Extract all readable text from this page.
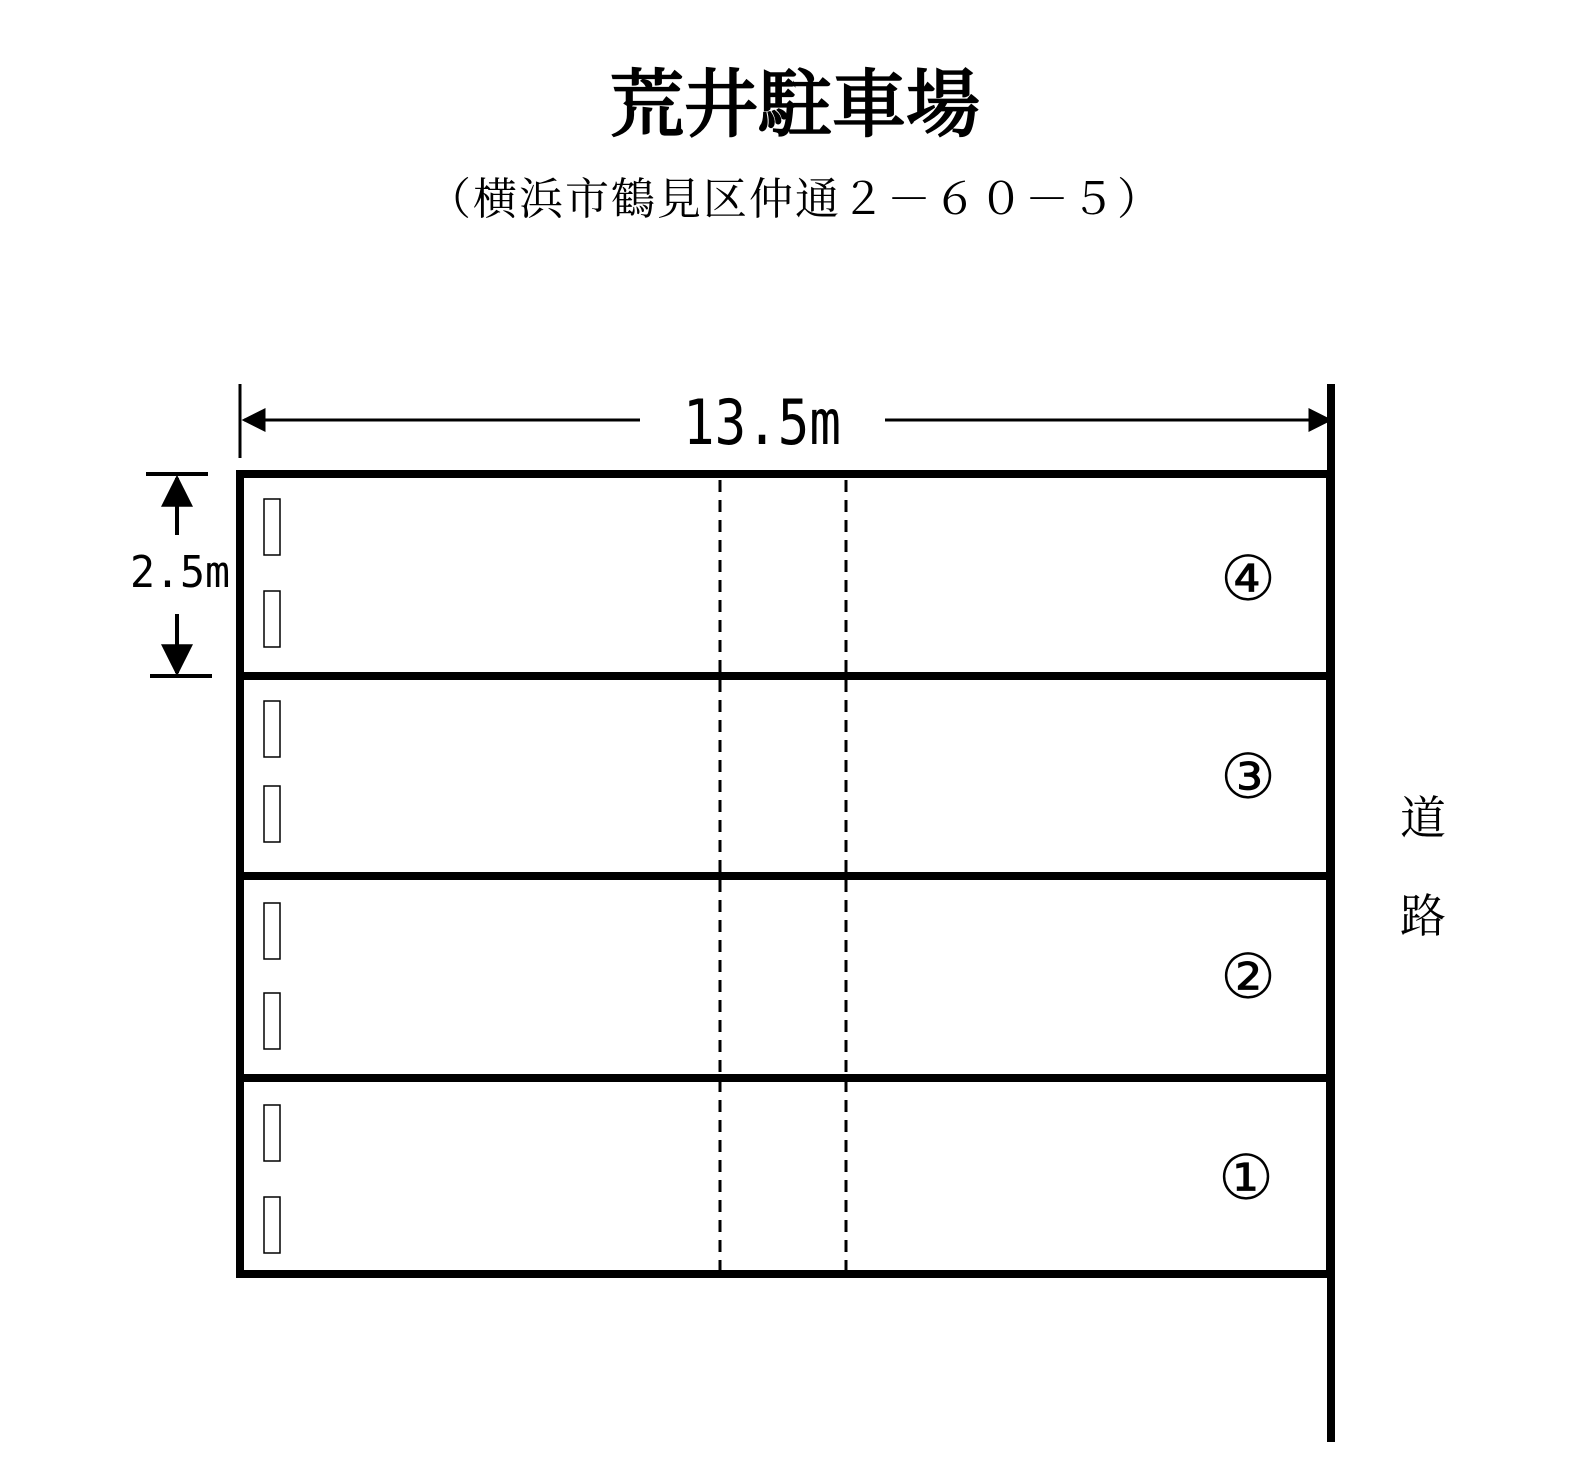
荒井駐車場
（横浜市鶴見区仲通２－６０－５）
13.5m
2.5m	④
③
②
①
道
路
